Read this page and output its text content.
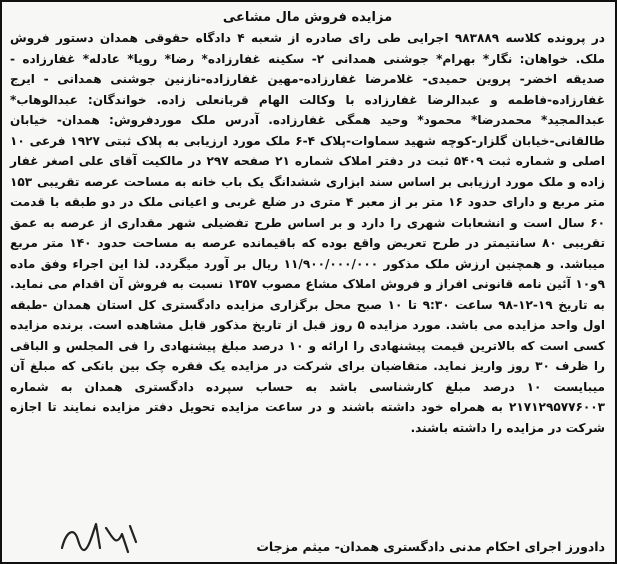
مزایده فروش مال مشاعی

در پرونده کلاسه ۹۸۳۸۸۹ اجرایی طی رای صادره از شعبه ۴ دادگاه حقوقی همدان دستور فروش ملک. خواهان: نگار* بهرام* جوشنی همدانی ۲- سکینه غفارزاده* رضا* رویا* عادله* غفارزاده - صدیقه اخضر- پروین حمیدی- غلامرضا غفارزاده-مهین غفارزاده-نازنین جوشنی همدانی - ایرج غفارزاده-فاطمه و عبدالرضا غفارزاده با وکالت الهام قربانعلی زاده. خواندگان: عبدالوهاب* عبدالمجید* محمدرضا* محمود* وحید همگی غفارزاده. آدرس ملک موردفروش: همدان- خیابان طالقانی-خیابان گلزار-کوچه شهید سماوات-پلاک ۴-۶ ملک مورد ارزیابی به پلاک ثبتی ۱۹۲۷ فرعی ۱۰ اصلی و شماره ثبت ۵۴۰۹ ثبت در دفتر املاک شماره ۲۱ صفحه ۲۹۷ در مالکیت آقای علی اصغر غفار زاده و ملک مورد ارزیابی بر اساس سند ابزاری ششدانگ یک باب خانه به مساحت عرصه تقریبی ۱۵۳ متر مربع و دارای حدود ۱۶ متر بر از معبر ۴ متری در ضلع غربی و اعیانی ملک در دو طبقه با قدمت ۶۰ سال است و انشعابات شهری را دارد و بر اساس طرح تفضیلی شهر مقداری از عرصه به عمق تقریبی ۸۰ سانتیمتر در طرح تعریض واقع بوده که باقیمانده عرصه به مساحت حدود ۱۴۰ متر مربع میباشد. و همچنین ارزش ملک مذکور ۱۱/۹۰۰/۰۰۰/۰۰۰ ریال بر آورد میگردد. لذا این اجراء وفق ماده ۹و۱۰ آئین نامه قانونی افراز و فروش املاک مشاع مصوب ۱۳۵۷ نسبت به فروش آن اقدام می نماید. به تاریخ ۱۹-۱۲-۹۸ ساعت ۹:۳۰ تا ۱۰ صبح محل برگزاری مزایده دادگستری کل استان همدان -طبقه اول واحد مزایده می باشد. مورد مزایده ۵ روز قبل از تاریخ مذکور قابل مشاهده است. برنده مزایده کسی است که بالاترین قیمت پیشنهادی را ارائه و ۱۰ درصد مبلغ پیشنهادی را فی المجلس و الباقی را ظرف ۳۰ روز واریز نماید. متقاضیان برای شرکت در مزایده یک فقره چک بین بانکی که مبلغ آن میبایست ۱۰ درصد مبلغ کارشناسی باشد به حساب سپرده دادگستری همدان به شماره ۲۱۷۱۲۹۵۷۷۶۰۰۳ به همراه خود داشته باشند و در ساعت مزایده تحویل دفتر مزایده نمایند تا اجازه شرکت در مزایده را داشته باشند.

دادورز اجرای احکام مدنی دادگستری همدان- میثم مزجات
